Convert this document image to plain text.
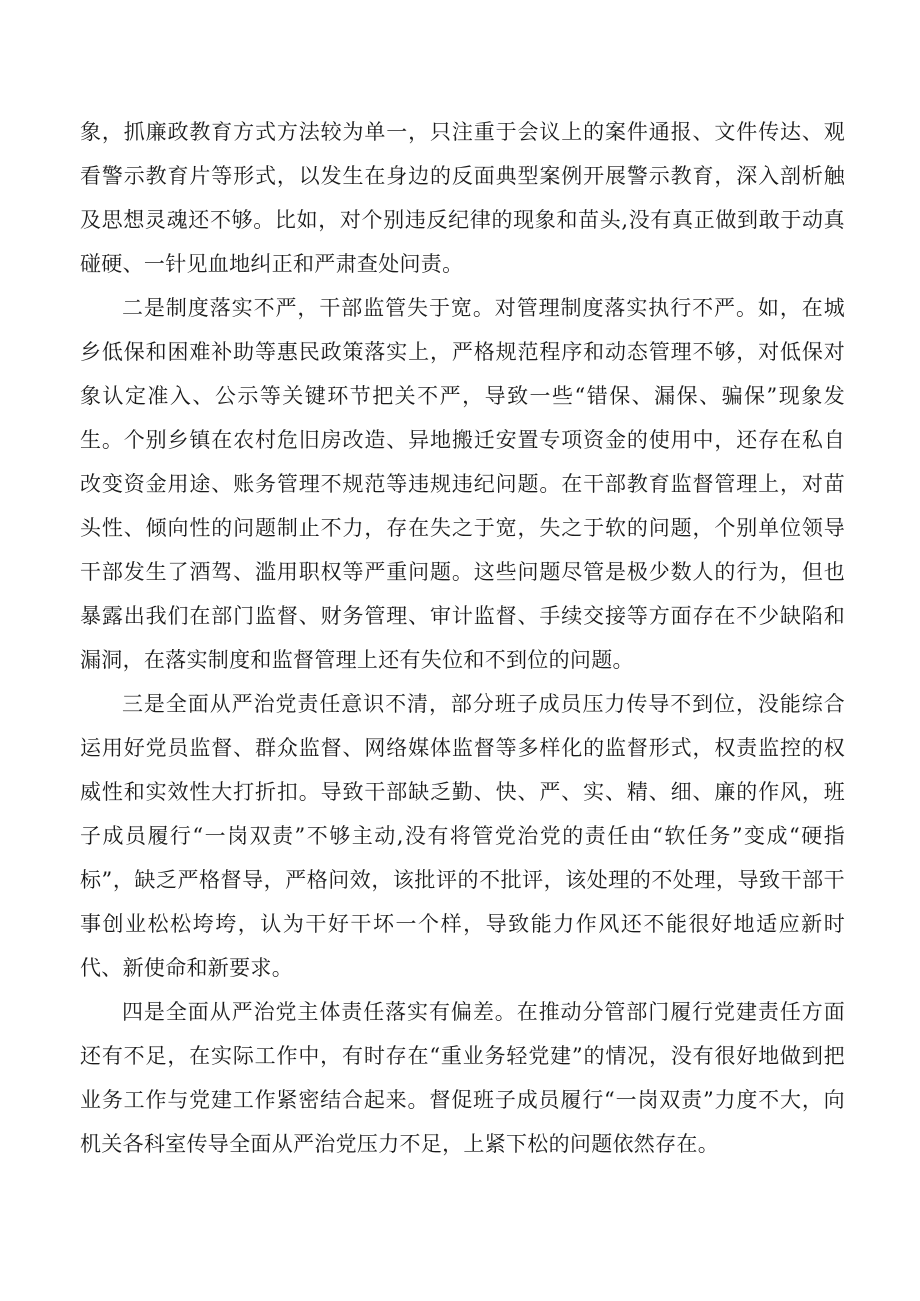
象，抓廉政教育方式方法较为单一，只注重于会议上的案件通报、文件传达、观看警示教育片等形式，以发生在身边的反面典型案例开展警示教育，深入剖析触及思想灵魂还不够。比如，对个别违反纪律的现象和苗头,没有真正做到敢于动真碰硬、一针见血地纠正和严肃查处问责。

二是制度落实不严，干部监管失于宽。对管理制度落实执行不严。如，在城乡低保和困难补助等惠民政策落实上，严格规范程序和动态管理不够，对低保对象认定准入、公示等关键环节把关不严，导致一些“错保、漏保、骗保”现象发生。个别乡镇在农村危旧房改造、异地搬迁安置专项资金的使用中，还存在私自改变资金用途、账务管理不规范等违规违纪问题。在干部教育监督管理上，对苗头性、倾向性的问题制止不力，存在失之于宽，失之于软的问题，个别单位领导干部发生了酒驾、滥用职权等严重问题。这些问题尽管是极少数人的行为，但也暴露出我们在部门监督、财务管理、审计监督、手续交接等方面存在不少缺陷和漏洞，在落实制度和监督管理上还有失位和不到位的问题。

三是全面从严治党责任意识不清，部分班子成员压力传导不到位，没能综合运用好党员监督、群众监督、网络媒体监督等多样化的监督形式，权责监控的权威性和实效性大打折扣。导致干部缺乏勤、快、严、实、精、细、廉的作风，班子成员履行“一岗双责”不够主动,没有将管党治党的责任由“软任务”变成“硬指标”，缺乏严格督导，严格问效，该批评的不批评，该处理的不处理，导致干部干事创业松松垮垮，认为干好干坏一个样，导致能力作风还不能很好地适应新时代、新使命和新要求。

四是全面从严治党主体责任落实有偏差。在推动分管部门履行党建责任方面还有不足，在实际工作中，有时存在“重业务轻党建”的情况，没有很好地做到把业务工作与党建工作紧密结合起来。督促班子成员履行“一岗双责”力度不大，向机关各科室传导全面从严治党压力不足，上紧下松的问题依然存在。
